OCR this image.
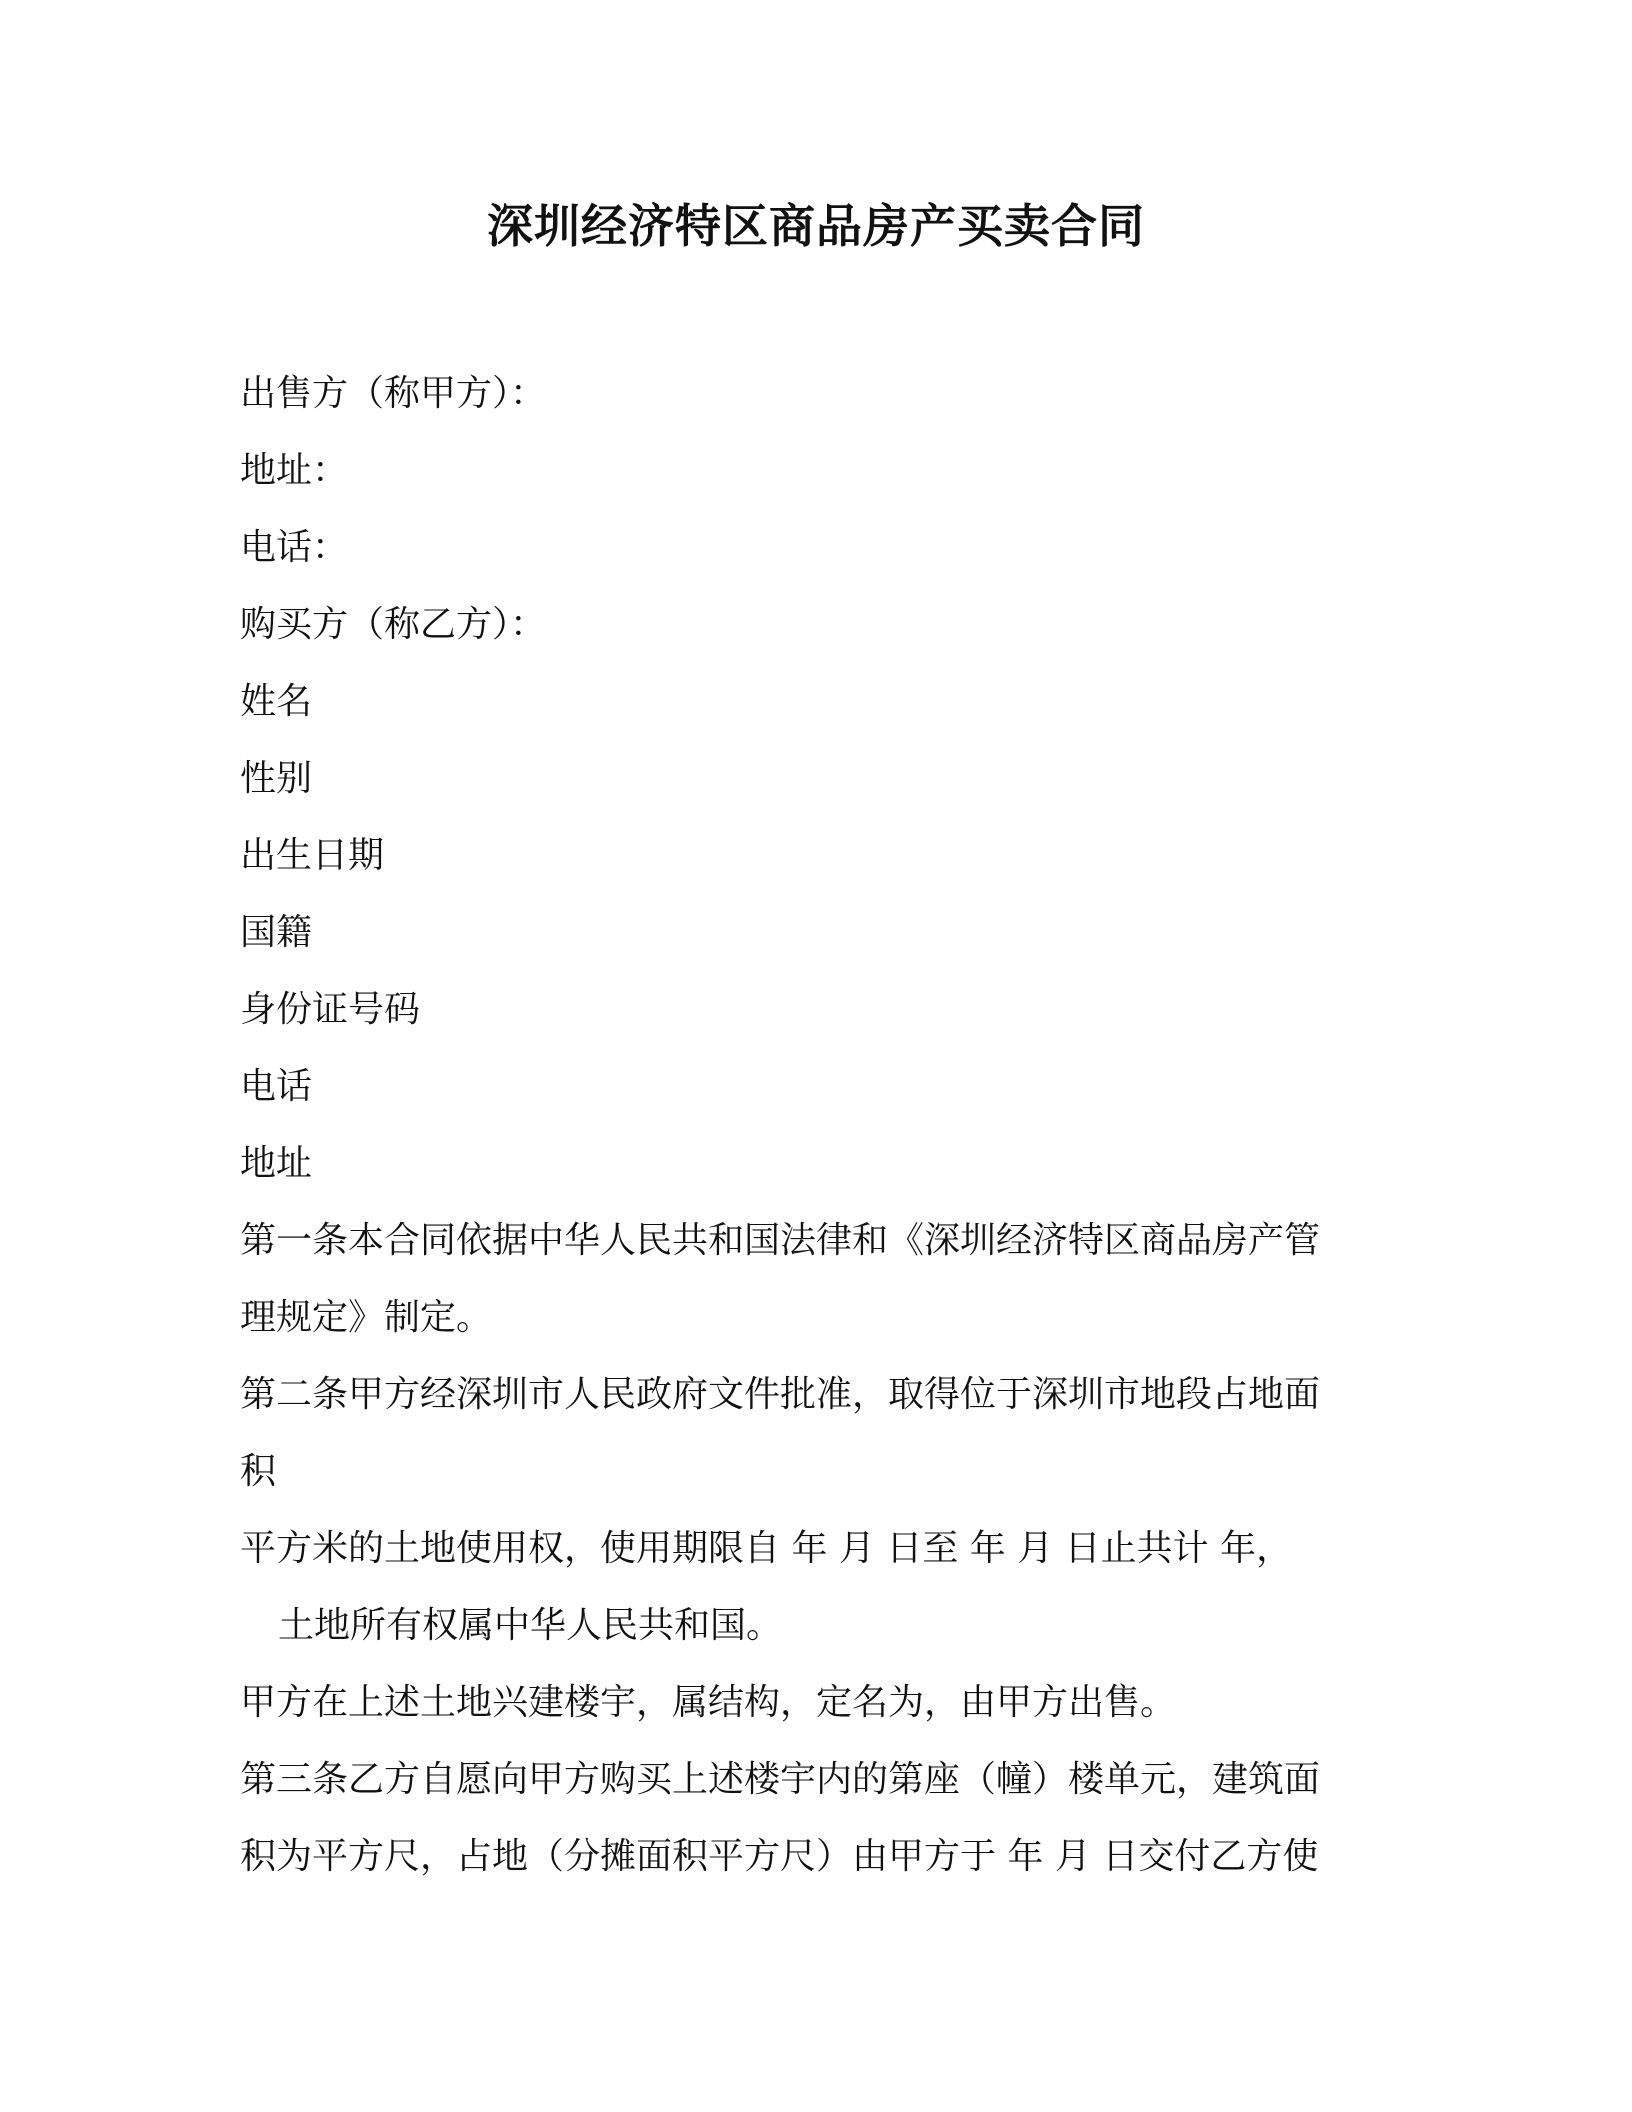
深圳经济特区商品房产买卖合同
出售方（称甲方）：
地址：
电话：
购买方（称乙方）：
姓名
性别
出生日期
国籍
身份证号码
电话
地址
第一条本合同依据中华人民共和国法律和《深圳经济特区商品房产管
理规定》制定。
第二条甲方经深圳市人民政府文件批准，取得位于深圳市地段占地面
积
平方米的土地使用权，使用期限自 年 月 日至 年 月 日止共计 年，
土地所有权属中华人民共和国。
甲方在上述土地兴建楼宇，属结构，定名为，由甲方出售。
第三条乙方自愿向甲方购买上述楼宇内的第座（幢）楼单元，建筑面
积为平方尺，占地（分摊面积平方尺）由甲方于 年 月 日交付乙方使
